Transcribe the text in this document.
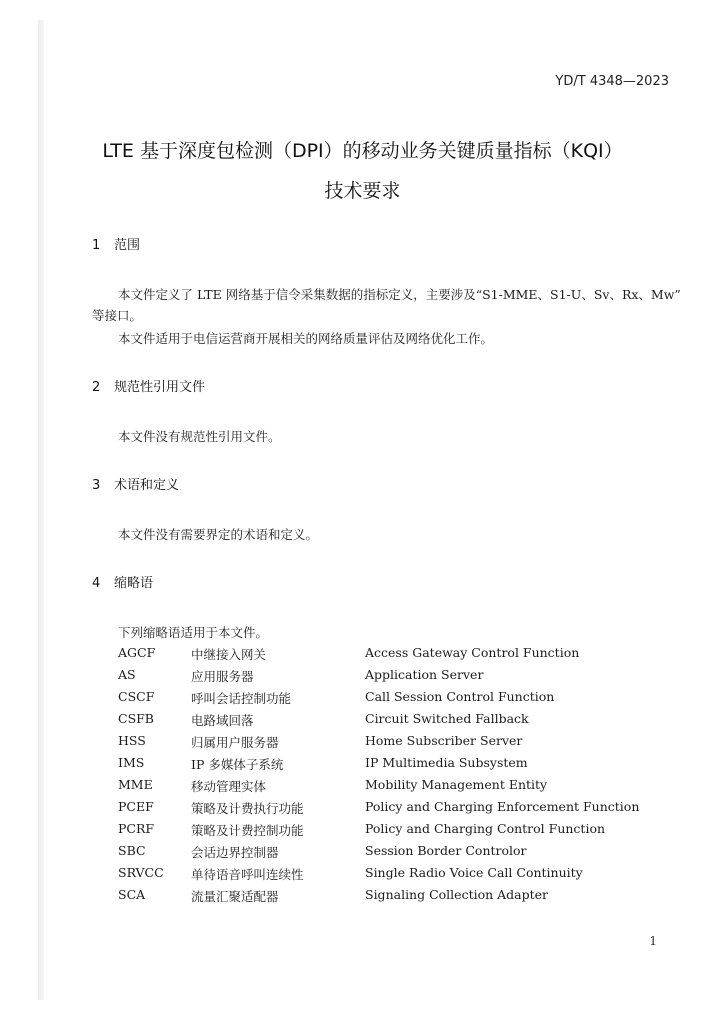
YD/T 4348—2023
LTE 基于深度包检测（DPI）的移动业务关键质量指标（KQI）
技术要求
1 范围
本文件定义了 LTE 网络基于信令采集数据的指标定义，主要涉及“S1-MME、S1-U、Sv、Rx、Mw”
等接口。
本文件适用于电信运营商开展相关的网络质量评估及网络优化工作。
2 规范性引用文件
本文件没有规范性引用文件。
3 术语和定义
本文件没有需要界定的术语和定义。
4 缩略语
下列缩略语适用于本文件。
AGCF	中继接入网关	Access Gateway Control Function
AS	应用服务器	Application Server
CSCF	呼叫会话控制功能	Call Session Control Function
CSFB	电路域回落	Circuit Switched Fallback
HSS	归属用户服务器	Home Subscriber Server
IMS	IP 多媒体子系统	IP Multimedia Subsystem
MME	移动管理实体	Mobility Management Entity
PCEF	策略及计费执行功能	Policy and Charging Enforcement Function
PCRF	策略及计费控制功能	Policy and Charging Control Function
SBC	会话边界控制器	Session Border Controlor
SRVCC 单待语音呼叫连续性	Single Radio Voice Call Continuity
SCA	流量汇聚适配器	Signaling Collection Adapter
1
